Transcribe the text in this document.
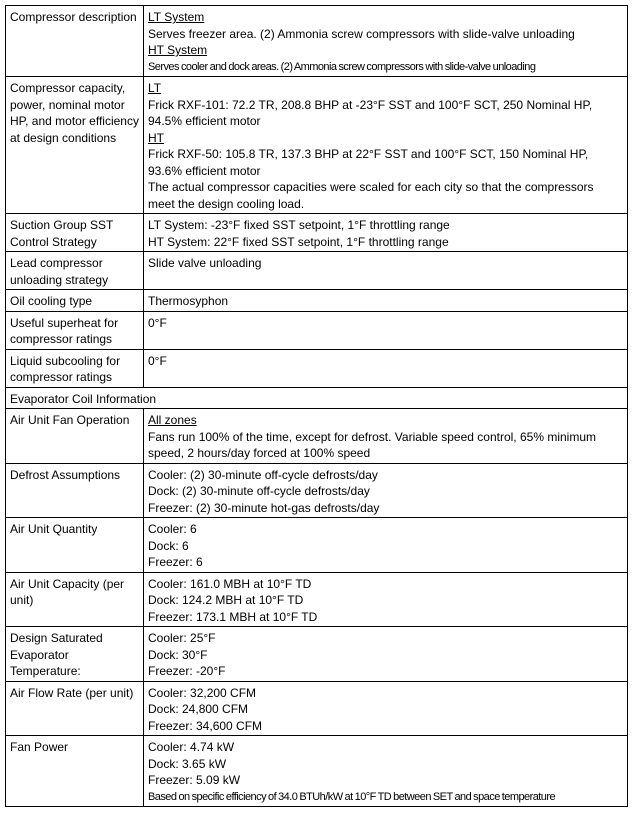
Compressor description	LT System
Serves freezer area. (2) Ammonia screw compressors with slide-valve unloading
HT System
Serves cooler and dock areas. (2) Ammonia screw compressors with slide-valve unloading

Compressor capacity, power, nominal motor HP, and motor efficiency at design conditions	LT
Frick RXF-101: 72.2 TR, 208.8 BHP at -23°F SST and 100°F SCT, 250 Nominal HP, 94.5% efficient motor
HT
Frick RXF-50: 105.8 TR, 137.3 BHP at 22°F SST and 100°F SCT, 150 Nominal HP, 93.6% efficient motor
The actual compressor capacities were scaled for each city so that the compressors meet the design cooling load.

Suction Group SST Control Strategy	LT System: -23°F fixed SST setpoint, 1°F throttling range
HT System: 22°F fixed SST setpoint, 1°F throttling range

Lead compressor unloading strategy	Slide valve unloading
Oil cooling type	Thermosyphon
Useful superheat for compressor ratings	0°F
Liquid subcooling for compressor ratings	0°F
Evaporator Coil Information	
Air Unit Fan Operation	All zones
Fans run 100% of the time, except for defrost. Variable speed control, 65% minimum speed, 2 hours/day forced at 100% speed

Defrost Assumptions	Cooler: (2) 30-minute off-cycle defrosts/day
Dock: (2) 30-minute off-cycle defrosts/day
Freezer: (2) 30-minute hot-gas defrosts/day

Air Unit Quantity	Cooler: 6
Dock: 6
Freezer: 6

Air Unit Capacity (per unit)	Cooler: 161.0 MBH at 10°F TD
Dock: 124.2 MBH at 10°F TD
Freezer: 173.1 MBH at 10°F TD

Design Saturated Evaporator Temperature:	Cooler: 25°F
Dock: 30°F
Freezer: -20°F

Air Flow Rate (per unit)	Cooler: 32,200 CFM
Dock: 24,800 CFM
Freezer: 34,600 CFM

Fan Power	Cooler: 4.74 kW
Dock: 3.65 kW
Freezer: 5.09 kW
Based on specific efficiency of 34.0 BTUh/kW at 10°F TD between SET and space temperature
